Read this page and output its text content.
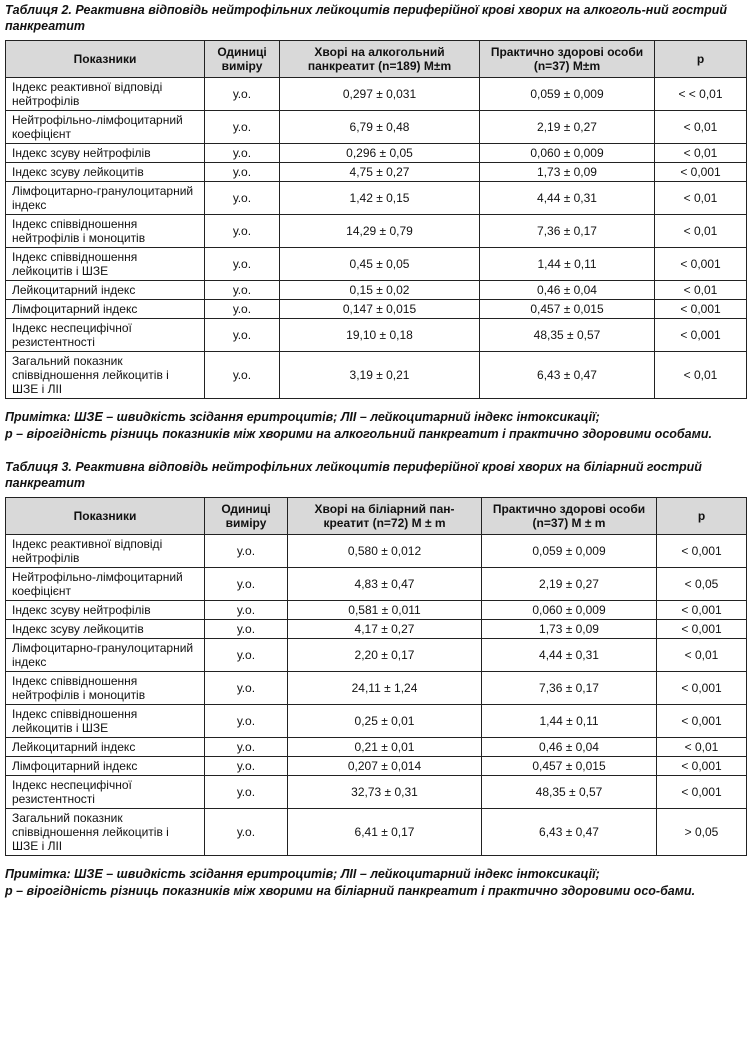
Таблиця 2. Реактивна відповідь нейтрофільних лейкоцитів периферійної крові хворих на алкоголь-ний гострий панкреатит
Показники	Одиниці виміру	Хворі на алкогольний панкреатит (n=189) M±m	Практично здорові особи (n=37) M±m	p
Індекс реактивної відповіді нейтрофілів	у.о.	0,297 ± 0,031	0,059 ± 0,009	< < 0,01
Нейтрофільно-лімфоцитарний коефіцієнт	у.о.	6,79 ± 0,48	2,19 ± 0,27	< 0,01
Індекс зсуву нейтрофілів	у.о.	0,296 ± 0,05	0,060 ± 0,009	< 0,01
Індекс зсуву лейкоцитів	у.о.	4,75 ± 0,27	1,73 ± 0,09	< 0,001
Лімфоцитарно-гранулоцитарний індекс	у.о.	1,42 ± 0,15	4,44 ± 0,31	< 0,01
Індекс співвідношення нейтрофілів і моноцитів	у.о.	14,29 ± 0,79	7,36 ± 0,17	< 0,01
Індекс співвідношення лейкоцитів і ШЗЕ	у.о.	0,45 ± 0,05	1,44 ± 0,11	< 0,001
Лейкоцитарний індекс	у.о.	0,15 ± 0,02	0,46 ± 0,04	< 0,01
Лімфоцитарний індекс	у.о.	0,147 ± 0,015	0,457 ± 0,015	< 0,001
Індекс неспецифічної резистентності	у.о.	19,10 ± 0,18	48,35 ± 0,57	< 0,001
Загальний показник співвідношення лейкоцитів і ШЗЕ і ЛІІ	у.о.	3,19 ± 0,21	6,43 ± 0,47	< 0,01
Примітка: ШЗЕ – швидкість зсідання еритроцитів; ЛІІ – лейкоцитарний індекс інтоксикації;
p – вірогідність різниць показників між хворими на алкогольний панкреатит і практично здоровими особами.
Таблиця 3. Реактивна відповідь нейтрофільних лейкоцитів периферійної крові хворих на біліарний гострий панкреатит
Показники	Одиниці виміру	Хворі на біліарний пан-креатит (n=72) M ± m	Практично здорові особи (n=37) M ± m	p
Індекс реактивної відповіді нейтрофілів	у.о.	0,580 ± 0,012	0,059 ± 0,009	< 0,001
Нейтрофільно-лімфоцитарний коефіцієнт	у.о.	4,83 ± 0,47	2,19 ± 0,27	< 0,05
Індекс зсуву нейтрофілів	у.о.	0,581 ± 0,011	0,060 ± 0,009	< 0,001
Індекс зсуву лейкоцитів	у.о.	4,17 ± 0,27	1,73 ± 0,09	< 0,001
Лімфоцитарно-гранулоцитарний індекс	у.о.	2,20 ± 0,17	4,44 ± 0,31	< 0,01
Індекс співвідношення нейтрофілів і моноцитів	у.о.	24,11 ± 1,24	7,36 ± 0,17	< 0,001
Індекс співвідношення лейкоцитів і ШЗЕ	у.о.	0,25 ± 0,01	1,44 ± 0,11	< 0,001
Лейкоцитарний індекс	у.о.	0,21 ± 0,01	0,46 ± 0,04	< 0,01
Лімфоцитарний індекс	у.о.	0,207 ± 0,014	0,457 ± 0,015	< 0,001
Індекс неспецифічної резистентності	у.о.	32,73 ± 0,31	48,35 ± 0,57	< 0,001
Загальний показник співвідношення лейкоцитів і ШЗЕ і ЛІІ	у.о.	6,41 ± 0,17	6,43 ± 0,47	> 0,05
Примітка: ШЗЕ – швидкість зсідання еритроцитів; ЛІІ – лейкоцитарний індекс інтоксикації;
p – вірогідність різниць показників між хворими на біліарний панкреатит і практично здоровими осо-бами.
